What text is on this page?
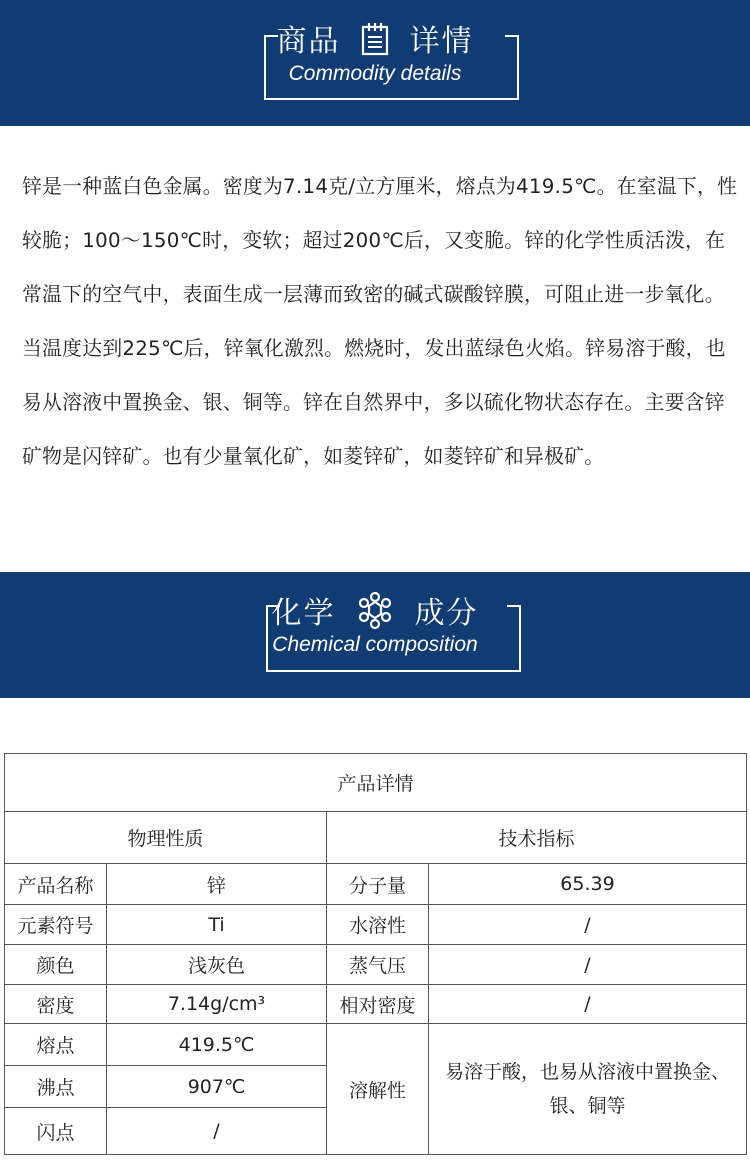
商品 详情
Commodity details
锌是一种蓝白色金属。密度为7.14克/立方厘米，熔点为419.5℃。在室温下，性较脆；100～150℃时，变软；超过200℃后，又变脆。锌的化学性质活泼，在常温下的空气中，表面生成一层薄而致密的碱式碳酸锌膜，可阻止进一步氧化。当温度达到225℃后，锌氧化激烈。燃烧时，发出蓝绿色火焰。锌易溶于酸，也易从溶液中置换金、银、铜等。锌在自然界中，多以硫化物状态存在。主要含锌矿物是闪锌矿。也有少量氧化矿，如菱锌矿，如菱锌矿和异极矿。
化学	成分
Chemical composition
产品详情			
物理性质		技术指标	
产品名称	锌	分子量	65.39
元素符号	Ti	水溶性	/
颜色	浅灰色	蒸气压	/
密度	7.14g/cm³	相对密度	/
熔点	419.5℃	溶解性	易溶于酸，也易从溶液中置换金、银、铜等
沸点	907℃		
闪点	/		
